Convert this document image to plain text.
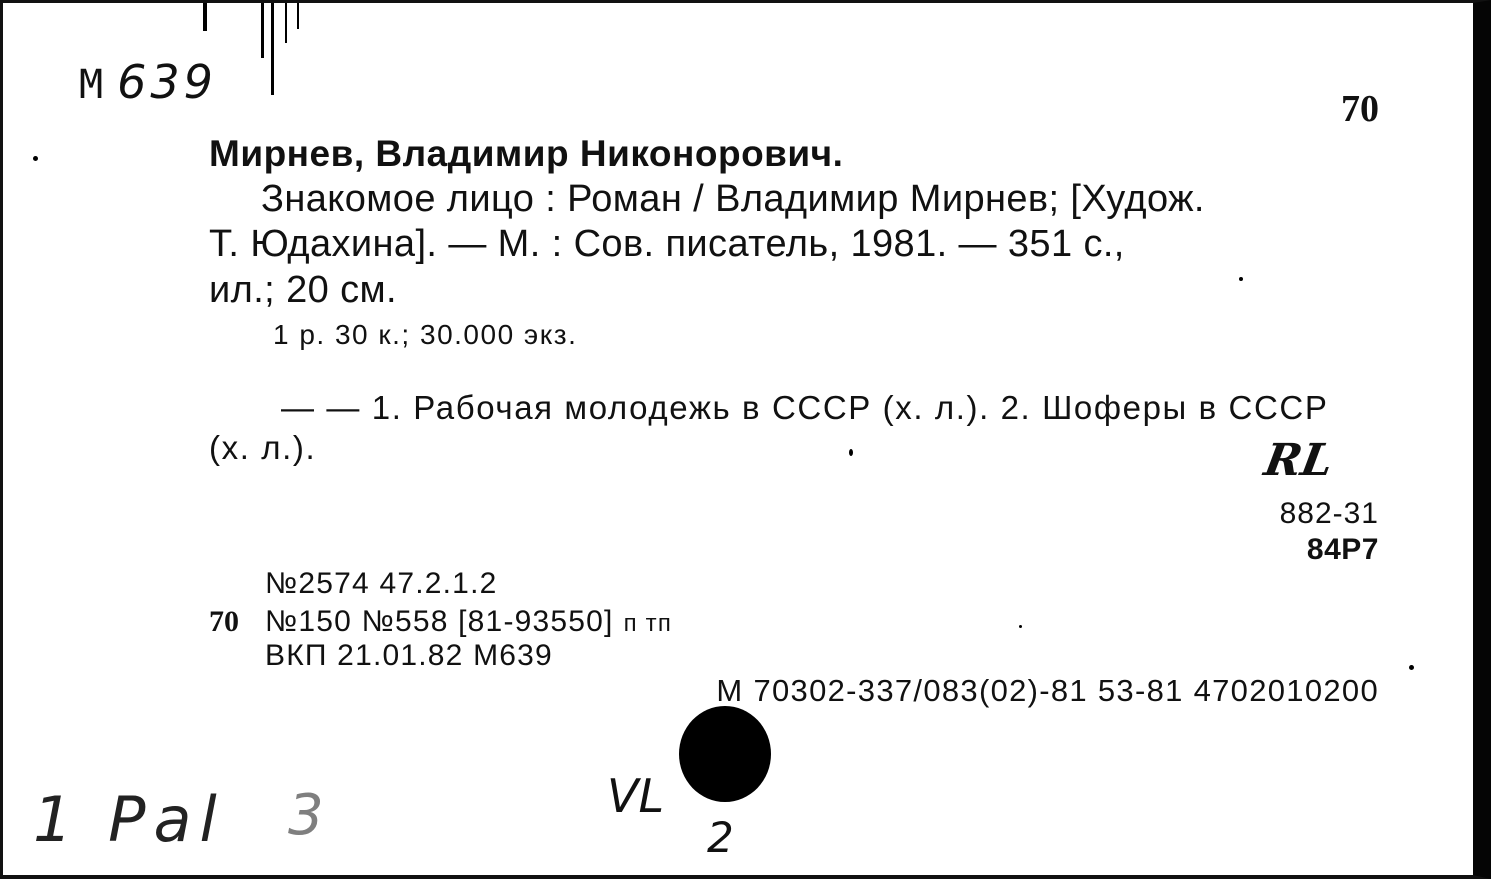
М 639	70
Мирнев, Владимир Никонорович.
Знакомое лицо : Роман / Владимир Мирнев; [Худож.
Т. Юдахина]. — М. : Сов. писатель, 1981. — 351 с.,
ил.; 20 см.
1 р. 30 к.; 30.000 экз.
— — 1. Рабочая молодежь в СССР (х. л.). 2. Шоферы в СССР
(х. л.).	RL
882-31
84Р7
№2574 47.2.1.2
70 №150 №558 [81-93550] п тп
ВКП 21.01.82 М639
М 70302-337/083(02)-81 53-81 4702010200
1 Pal 3	VL
2
